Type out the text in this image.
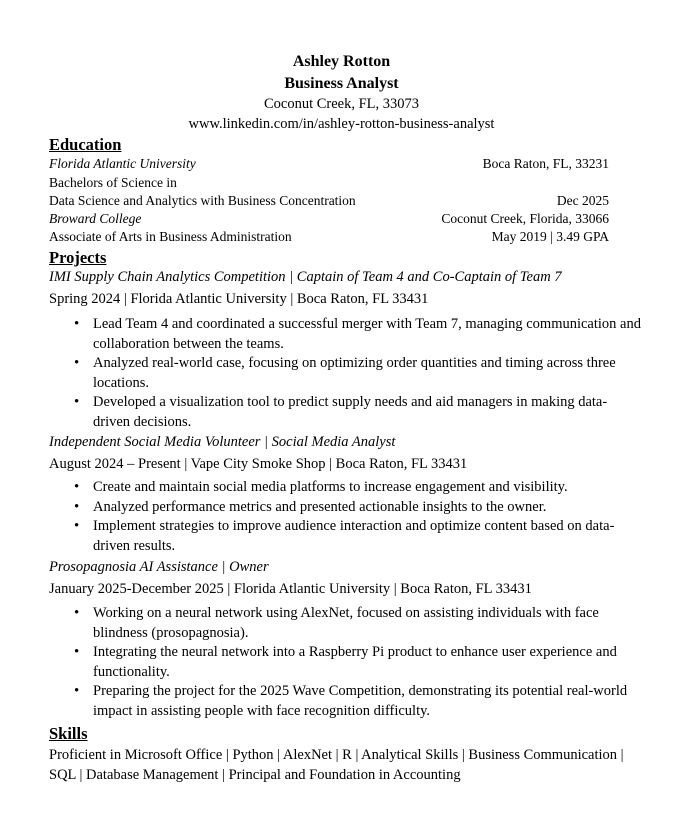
Ashley Rotton
Business Analyst
Coconut Creek, FL, 33073
www.linkedin.com/in/ashley-rotton-business-analyst
Education
Florida Atlantic University	Boca Raton, FL, 33231
Bachelors of Science in
Data Science and Analytics with Business Concentration	Dec 2025
Broward College	Coconut Creek, Florida, 33066
Associate of Arts in Business Administration	May 2019 | 3.49 GPA
Projects
IMI Supply Chain Analytics Competition | Captain of Team 4 and Co-Captain of Team 7
Spring 2024 | Florida Atlantic University | Boca Raton, FL 33431
• Lead Team 4 and coordinated a successful merger with Team 7, managing communication and collaboration between the teams.
• Analyzed real-world case, focusing on optimizing order quantities and timing across three locations.
• Developed a visualization tool to predict supply needs and aid managers in making data-driven decisions.
Independent Social Media Volunteer | Social Media Analyst
August 2024 – Present | Vape City Smoke Shop | Boca Raton, FL 33431
• Create and maintain social media platforms to increase engagement and visibility.
• Analyzed performance metrics and presented actionable insights to the owner.
• Implement strategies to improve audience interaction and optimize content based on data-driven results.
Prosopagnosia AI Assistance | Owner
January 2025-December 2025 | Florida Atlantic University | Boca Raton, FL 33431
• Working on a neural network using AlexNet, focused on assisting individuals with face blindness (prosopagnosia).
• Integrating the neural network into a Raspberry Pi product to enhance user experience and functionality.
• Preparing the project for the 2025 Wave Competition, demonstrating its potential real-world impact in assisting people with face recognition difficulty.
Skills
Proficient in Microsoft Office | Python | AlexNet | R | Analytical Skills | Business Communication | SQL | Database Management | Principal and Foundation in Accounting
